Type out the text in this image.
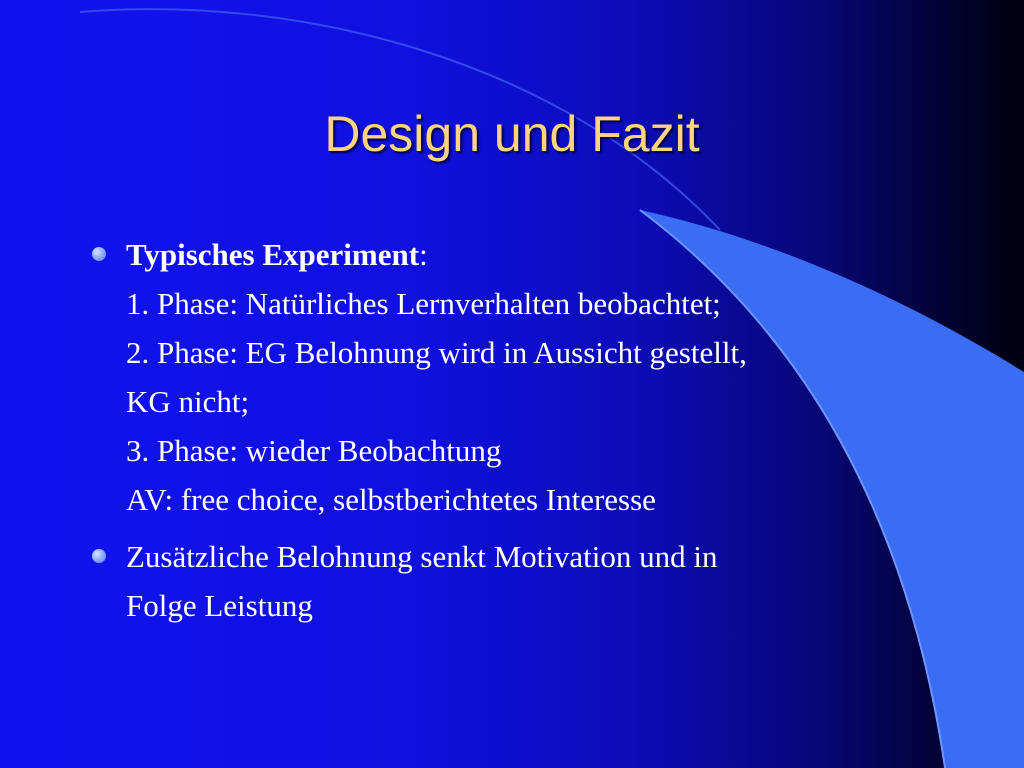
Design und Fazit
Typisches Experiment:
1. Phase: Natürliches Lernverhalten beobachtet;
2. Phase: EG Belohnung wird in Aussicht gestellt,
KG nicht;
3. Phase: wieder Beobachtung
AV: free choice, selbstberichtetes Interesse
Zusätzliche Belohnung senkt Motivation und in
Folge Leistung
